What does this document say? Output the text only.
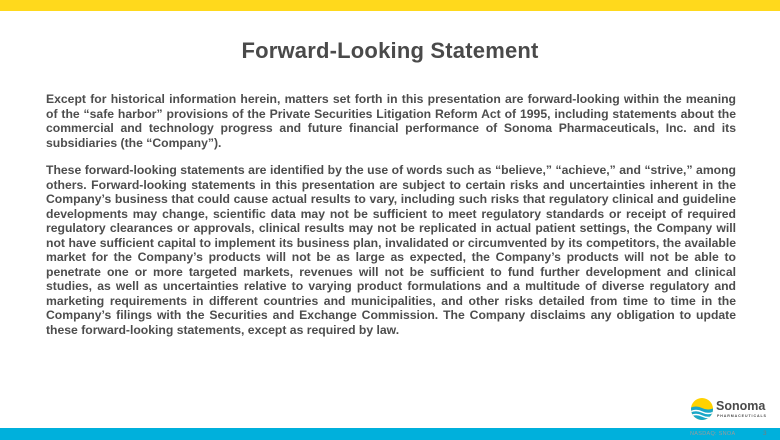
Forward-Looking Statement

Except for historical information herein, matters set forth in this presentation are forward-looking within the meaning of the “safe harbor” provisions of the Private Securities Litigation Reform Act of 1995, including statements about the commercial and technology progress and future financial performance of Sonoma Pharmaceuticals, Inc. and its subsidiaries (the “Company”).

These forward-looking statements are identified by the use of words such as “believe,” “achieve,” and “strive,” among others. Forward-looking statements in this presentation are subject to certain risks and uncertainties inherent in the Company’s business that could cause actual results to vary, including such risks that regulatory clinical and guideline developments may change, scientific data may not be sufficient to meet regulatory standards or receipt of required regulatory clearances or approvals, clinical results may not be replicated in actual patient settings, the Company will not have sufficient capital to implement its business plan, invalidated or circumvented by its competitors, the available market for the Company’s products will not be as large as expected, the Company’s products will not be able to penetrate one or more targeted markets, revenues will not be sufficient to fund further development and clinical studies, as well as uncertainties relative to varying product formulations and a multitude of diverse regulatory and marketing requirements in different countries and municipalities, and other risks detailed from time to time in the Company’s filings with the Securities and Exchange Commission. The Company disclaims any obligation to update these forward-looking statements, except as required by law.

Sonoma
PHARMACEUTICALS
NASDAQ: SNOA	3
